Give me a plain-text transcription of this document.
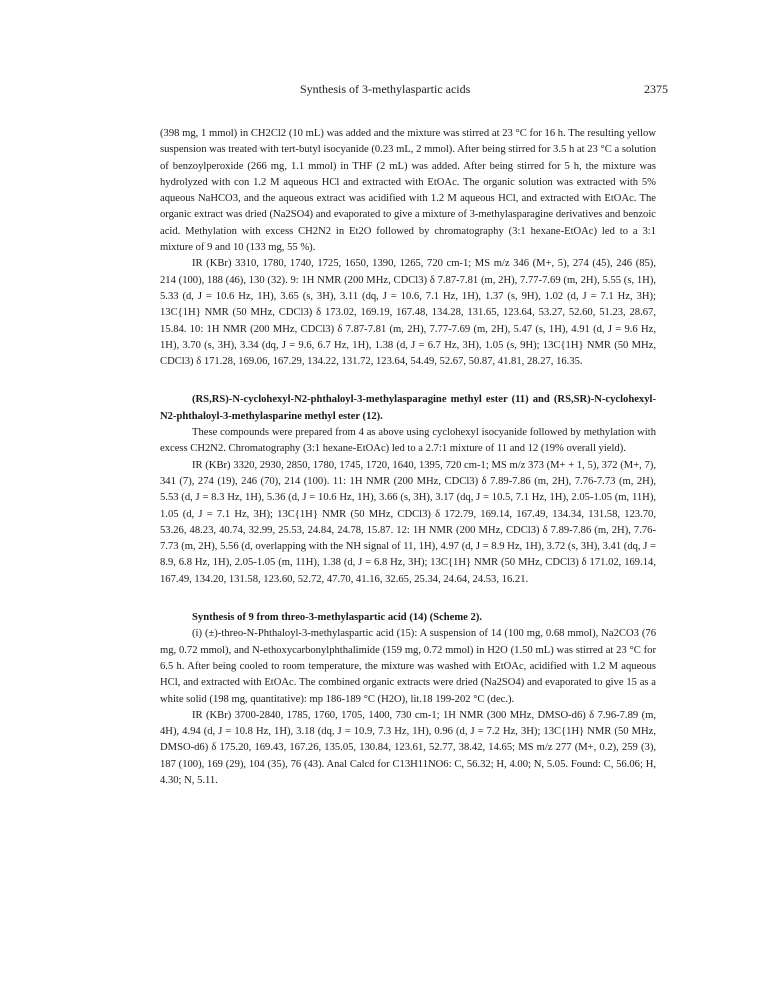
Synthesis of 3-methylaspartic acids	2375

(398 mg, 1 mmol) in CH2Cl2 (10 mL) was added and the mixture was stirred at 23 °C for 16 h. The resulting yellow suspension was treated with tert-butyl isocyanide (0.23 mL, 2 mmol). After being stirred for 3.5 h at 23 °C a solution of benzoylperoxide (266 mg, 1.1 mmol) in THF (2 mL) was added. After being stirred for 5 h, the mixture was hydrolyzed with con 1.2 M aqueous HCl and extracted with EtOAc. The organic solution was extracted with 5% aqueous NaHCO3, and the aqueous extract was acidified with 1.2 M aqueous HCl, and extracted with EtOAc. The organic extract was dried (Na2SO4) and evaporated to give a mixture of 3-methylasparagine derivatives and benzoic acid. Methylation with excess CH2N2 in Et2O followed by chromatography (3:1 hexane-EtOAc) led to a 3:1 mixture of 9 and 10 (133 mg, 55 %).

IR (KBr) 3310, 1780, 1740, 1725, 1650, 1390, 1265, 720 cm-1; MS m/z 346 (M+, 5), 274 (45), 246 (85), 214 (100), 188 (46), 130 (32). 9: 1H NMR (200 MHz, CDCl3) δ 7.87-7.81 (m, 2H), 7.77-7.69 (m, 2H), 5.55 (s, 1H), 5.33 (d, J = 10.6 Hz, 1H), 3.65 (s, 3H), 3.11 (dq, J = 10.6, 7.1 Hz, 1H), 1.37 (s, 9H), 1.02 (d, J = 7.1 Hz, 3H); 13C{1H} NMR (50 MHz, CDCl3) δ 173.02, 169.19, 167.48, 134.28, 131.65, 123.64, 53.27, 52.60, 51.23, 28.67, 15.84. 10: 1H NMR (200 MHz, CDCl3) δ 7.87-7.81 (m, 2H), 7.77-7.69 (m, 2H), 5.47 (s, 1H), 4.91 (d, J = 9.6 Hz, 1H), 3.70 (s, 3H), 3.34 (dq, J = 9.6, 6.7 Hz, 1H), 1.38 (d, J = 6.7 Hz, 3H), 1.05 (s, 9H); 13C{1H} NMR (50 MHz, CDCl3) δ 171.28, 169.06, 167.29, 134.22, 131.72, 123.64, 54.49, 52.67, 50.87, 41.81, 28.27, 16.35.

(RS,RS)-N-cyclohexyl-N2-phthaloyl-3-methylasparagine methyl ester (11) and (RS,SR)-N-cyclohexyl-N2-phthaloyl-3-methylasparine methyl ester (12).

These compounds were prepared from 4 as above using cyclohexyl isocyanide followed by methylation with excess CH2N2. Chromatography (3:1 hexane-EtOAc) led to a 2.7:1 mixture of 11 and 12 (19% overall yield).

IR (KBr) 3320, 2930, 2850, 1780, 1745, 1720, 1640, 1395, 720 cm-1; MS m/z 373 (M+ + 1, 5), 372 (M+, 7), 341 (7), 274 (19), 246 (70), 214 (100). 11: 1H NMR (200 MHz, CDCl3) δ 7.89-7.86 (m, 2H), 7.76-7.73 (m, 2H), 5.53 (d, J = 8.3 Hz, 1H), 5.36 (d, J = 10.6 Hz, 1H), 3.66 (s, 3H), 3.17 (dq, J = 10.5, 7.1 Hz, 1H), 2.05-1.05 (m, 11H), 1.05 (d, J = 7.1 Hz, 3H); 13C{1H} NMR (50 MHz, CDCl3) δ 172.79, 169.14, 167.49, 134.34, 131.58, 123.70, 53.26, 48.23, 40.74, 32.99, 25.53, 24.84, 24.78, 15.87. 12: 1H NMR (200 MHz, CDCl3) δ 7.89-7.86 (m, 2H), 7.76-7.73 (m, 2H), 5.56 (d, overlapping with the NH signal of 11, 1H), 4.97 (d, J = 8.9 Hz, 1H), 3.72 (s, 3H), 3.41 (dq, J = 8.9, 6.8 Hz, 1H), 2.05-1.05 (m, 11H), 1.38 (d, J = 6.8 Hz, 3H); 13C{1H} NMR (50 MHz, CDCl3) δ 171.02, 169.14, 167.49, 134.20, 131.58, 123.60, 52.72, 47.70, 41.16, 32.65, 25.34, 24.64, 24.53, 16.21.

Synthesis of 9 from threo-3-methylaspartic acid (14) (Scheme 2).

(i) (±)-threo-N-Phthaloyl-3-methylaspartic acid (15): A suspension of 14 (100 mg, 0.68 mmol), Na2CO3 (76 mg, 0.72 mmol), and N-ethoxycarbonylphthalimide (159 mg, 0.72 mmol) in H2O (1.50 mL) was stirred at 23 °C for 6.5 h. After being cooled to room temperature, the mixture was washed with EtOAc, acidified with 1.2 M aqueous HCl, and extracted with EtOAc. The combined organic extracts were dried (Na2SO4) and evaporated to give 15 as a white solid (198 mg, quantitative): mp 186-189 °C (H2O), lit.18 199-202 °C (dec.).

IR (KBr) 3700-2840, 1785, 1760, 1705, 1400, 730 cm-1; 1H NMR (300 MHz, DMSO-d6) δ 7.96-7.89 (m, 4H), 4.94 (d, J = 10.8 Hz, 1H), 3.18 (dq, J = 10.9, 7.3 Hz, 1H), 0.96 (d, J = 7.2 Hz, 3H); 13C{1H} NMR (50 MHz, DMSO-d6) δ 175.20, 169.43, 167.26, 135.05, 130.84, 123.61, 52.77, 38.42, 14.65; MS m/z 277 (M+, 0.2), 259 (3), 187 (100), 169 (29), 104 (35), 76 (43). Anal Calcd for C13H11NO6: C, 56.32; H, 4.00; N, 5.05. Found: C, 56.06; H, 4.30; N, 5.11.
